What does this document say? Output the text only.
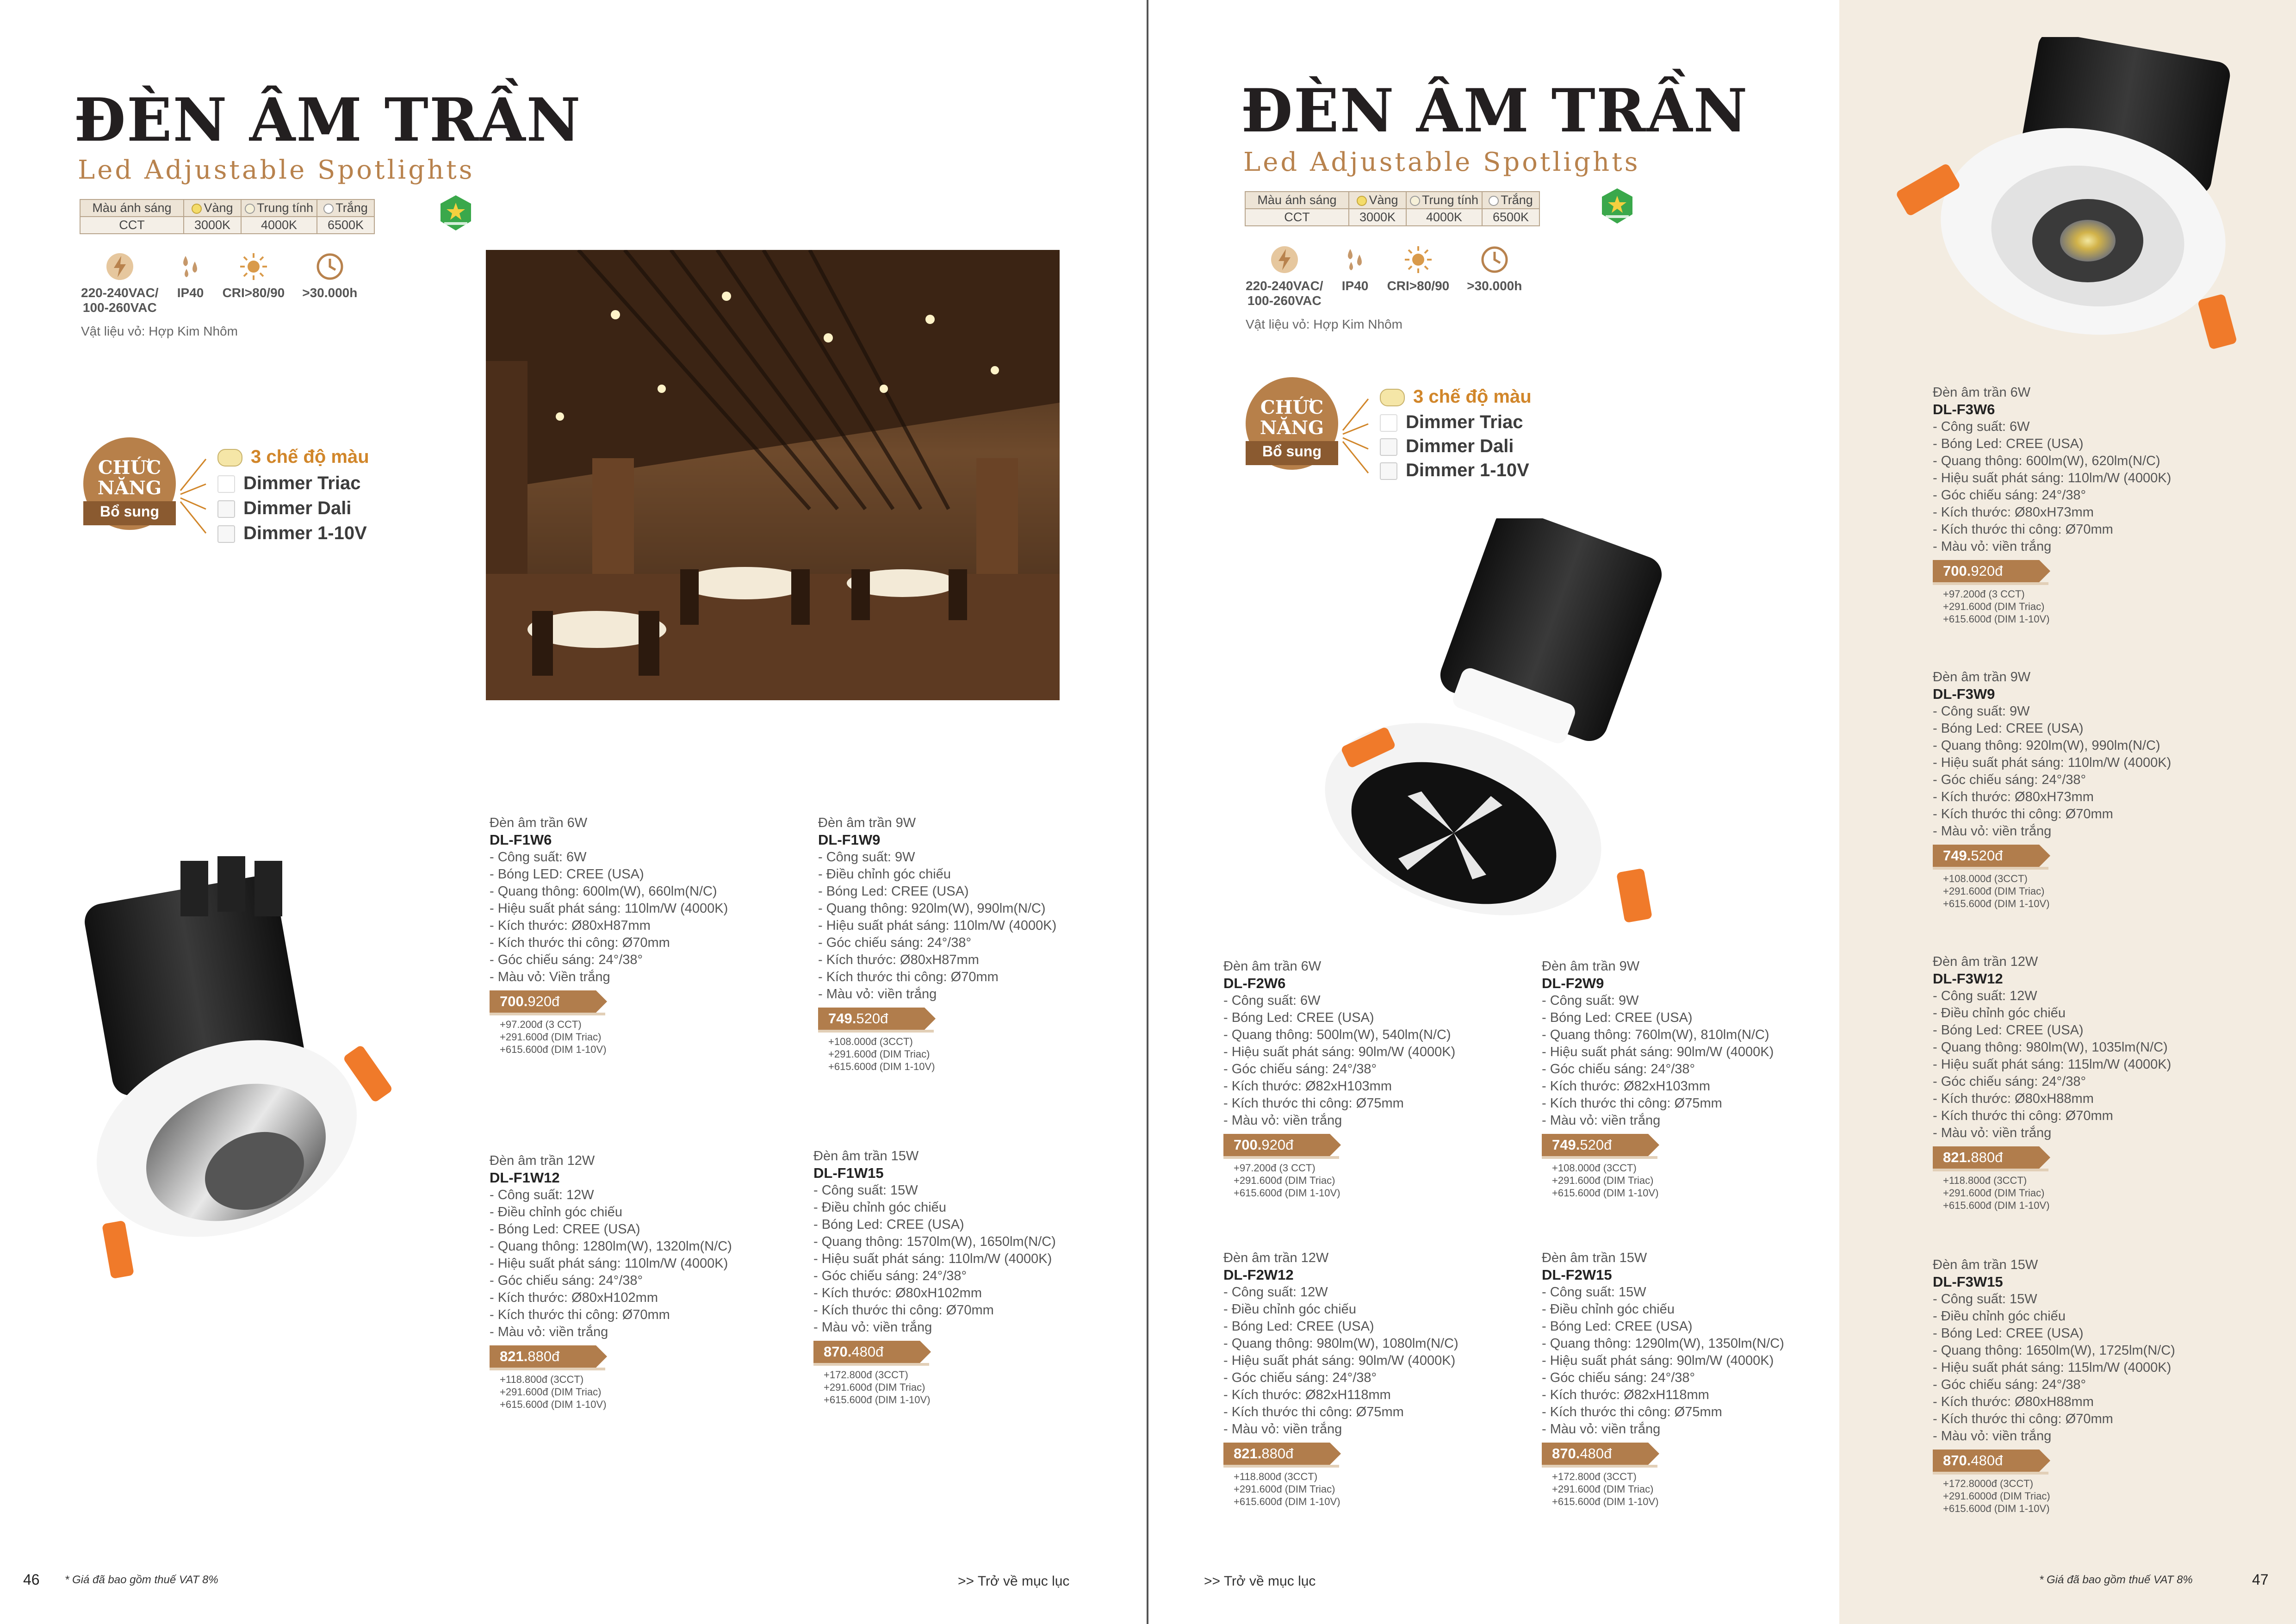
ĐÈN ÂM TRẦN
Led Adjustable Spotlights
Màu ánh sáng	Vàng	Trung tính	Trắng
CCT	3000K	4000K	6500K
220-240VAC/
100-260VAC
IP40 CRI>80/90 >30.000h
Vật liệu vỏ: Hợp Kim Nhôm
CHỨC
NĂNG
Bổ sung
3 chế độ màu
Dimmer Triac
Dimmer Dali
Dimmer 1-10V
Đèn âm trần 6W
DL-F1W6
- Công suất: 6W
- Bóng LED: CREE (USA)
- Quang thông: 600lm(W), 660lm(N/C)
- Hiệu suất phát sáng: 110lm/W (4000K)
- Kích thước: Ø80xH87mm
- Kích thước thi công: Ø70mm
- Góc chiếu sáng: 24°/38°
- Màu vỏ: Viền trắng
700.920đ
+97.200đ (3 CCT)
+291.600đ (DIM Triac)
+615.600đ (DIM 1-10V)
Đèn âm trần 9W
DL-F1W9
- Công suất: 9W
- Điều chỉnh góc chiếu
- Bóng Led: CREE (USA)
- Quang thông: 920lm(W), 990lm(N/C)
- Hiệu suất phát sáng: 110lm/W (4000K)
- Góc chiếu sáng: 24°/38°
- Kích thước: Ø80xH87mm
- Kích thước thi công: Ø70mm
- Màu vỏ: viền trắng
749.520đ
+108.000đ (3CCT)
+291.600đ (DIM Triac)
+615.600đ (DIM 1-10V)
Đèn âm trần 12W
DL-F1W12
- Công suất: 12W
- Điều chỉnh góc chiếu
- Bóng Led: CREE (USA)
- Quang thông: 1280lm(W), 1320lm(N/C)
- Hiệu suất phát sáng: 110lm/W (4000K)
- Góc chiếu sáng: 24°/38°
- Kích thước: Ø80xH102mm
- Kích thước thi công: Ø70mm
- Màu vỏ: viền trắng
821.880đ
+118.800đ (3CCT)
+291.600đ (DIM Triac)
+615.600đ (DIM 1-10V)
Đèn âm trần 15W
DL-F1W15
- Công suất: 15W
- Điều chỉnh góc chiếu
- Bóng Led: CREE (USA)
- Quang thông: 1570lm(W), 1650lm(N/C)
- Hiệu suất phát sáng: 110lm/W (4000K)
- Góc chiếu sáng: 24°/38°
- Kích thước: Ø80xH102mm
- Kích thước thi công: Ø70mm
- Màu vỏ: viền trắng
870.480đ
+172.800đ (3CCT)
+291.600đ (DIM Triac)
+615.600đ (DIM 1-10V)
46 * Giá đã bao gồm thuế VAT 8%	>> Trở về mục lục
ĐÈN ÂM TRẦN
Led Adjustable Spotlights
Màu ánh sáng	Vàng	Trung tính	Trắng
CCT	3000K	4000K	6500K
220-240VAC/
100-260VAC
IP40 CRI>80/90 >30.000h
Vật liệu vỏ: Hợp Kim Nhôm
CHỨC
NĂNG
Bổ sung
3 chế độ màu
Dimmer Triac
Dimmer Dali
Dimmer 1-10V
Đèn âm trần 6W
DL-F2W6
- Công suất: 6W
- Bóng Led: CREE (USA)
- Quang thông: 500lm(W), 540lm(N/C)
- Hiệu suất phát sáng: 90lm/W (4000K)
- Góc chiếu sáng: 24°/38°
- Kích thước: Ø82xH103mm
- Kích thước thi công: Ø75mm
- Màu vỏ: viền trắng
700.920đ
+97.200đ (3 CCT)
+291.600đ (DIM Triac)
+615.600đ (DIM 1-10V)
Đèn âm trần 9W
DL-F2W9
- Công suất: 9W
- Bóng Led: CREE (USA)
- Quang thông: 760lm(W), 810lm(N/C)
- Hiệu suất phát sáng: 90lm/W (4000K)
- Góc chiếu sáng: 24°/38°
- Kích thước: Ø82xH103mm
- Kích thước thi công: Ø75mm
- Màu vỏ: viền trắng
749.520đ
+108.000đ (3CCT)
+291.600đ (DIM Triac)
+615.600đ (DIM 1-10V)
Đèn âm trần 12W
DL-F2W12
- Công suất: 12W
- Điều chỉnh góc chiếu
- Bóng Led: CREE (USA)
- Quang thông: 980lm(W), 1080lm(N/C)
- Hiệu suất phát sáng: 90lm/W (4000K)
- Góc chiếu sáng: 24°/38°
- Kích thước: Ø82xH118mm
- Kích thước thi công: Ø75mm
- Màu vỏ: viền trắng
821.880đ
+118.800đ (3CCT)
+291.600đ (DIM Triac)
+615.600đ (DIM 1-10V)
Đèn âm trần 15W
DL-F2W15
- Công suất: 15W
- Điều chỉnh góc chiếu
- Bóng Led: CREE (USA)
- Quang thông: 1290lm(W), 1350lm(N/C)
- Hiệu suất phát sáng: 90lm/W (4000K)
- Góc chiếu sáng: 24°/38°
- Kích thước: Ø82xH118mm
- Kích thước thi công: Ø75mm
- Màu vỏ: viền trắng
870.480đ
+172.800đ (3CCT)
+291.600đ (DIM Triac)
+615.600đ (DIM 1-10V)
Đèn âm trần 6W
DL-F3W6
- Công suất: 6W
- Bóng Led: CREE (USA)
- Quang thông: 600lm(W), 620lm(N/C)
- Hiệu suất phát sáng: 110lm/W (4000K)
- Góc chiếu sáng: 24°/38°
- Kích thước: Ø80xH73mm
- Kích thước thi công: Ø70mm
- Màu vỏ: viền trắng
700.920đ
+97.200đ (3 CCT)
+291.600đ (DIM Triac)
+615.600đ (DIM 1-10V)
Đèn âm trần 9W
DL-F3W9
- Công suất: 9W
- Bóng Led: CREE (USA)
- Quang thông: 920lm(W), 990lm(N/C)
- Hiệu suất phát sáng: 110lm/W (4000K)
- Góc chiếu sáng: 24°/38°
- Kích thước: Ø80xH73mm
- Kích thước thi công: Ø70mm
- Màu vỏ: viền trắng
749.520đ
+108.000đ (3CCT)
+291.600đ (DIM Triac)
+615.600đ (DIM 1-10V)
Đèn âm trần 12W
DL-F3W12
- Công suất: 12W
- Điều chỉnh góc chiếu
- Bóng Led: CREE (USA)
- Quang thông: 980lm(W), 1035lm(N/C)
- Hiệu suất phát sáng: 115lm/W (4000K)
- Góc chiếu sáng: 24°/38°
- Kích thước: Ø80xH88mm
- Kích thước thi công: Ø70mm
- Màu vỏ: viền trắng
821.880đ
+118.800đ (3CCT)
+291.600đ (DIM Triac)
+615.600đ (DIM 1-10V)
Đèn âm trần 15W
DL-F3W15
- Công suất: 15W
- Điều chỉnh góc chiếu
- Bóng Led: CREE (USA)
- Quang thông: 1650lm(W), 1725lm(N/C)
- Hiệu suất phát sáng: 115lm/W (4000K)
- Góc chiếu sáng: 24°/38°
- Kích thước: Ø80xH88mm
- Kích thước thi công: Ø70mm
- Màu vỏ: viền trắng
870.480đ
+172.8000đ (3CCT)
+291.6000đ (DIM Triac)
+615.600đ (DIM 1-10V)
>> Trở về mục lục	* Giá đã bao gồm thuế VAT 8%	47
